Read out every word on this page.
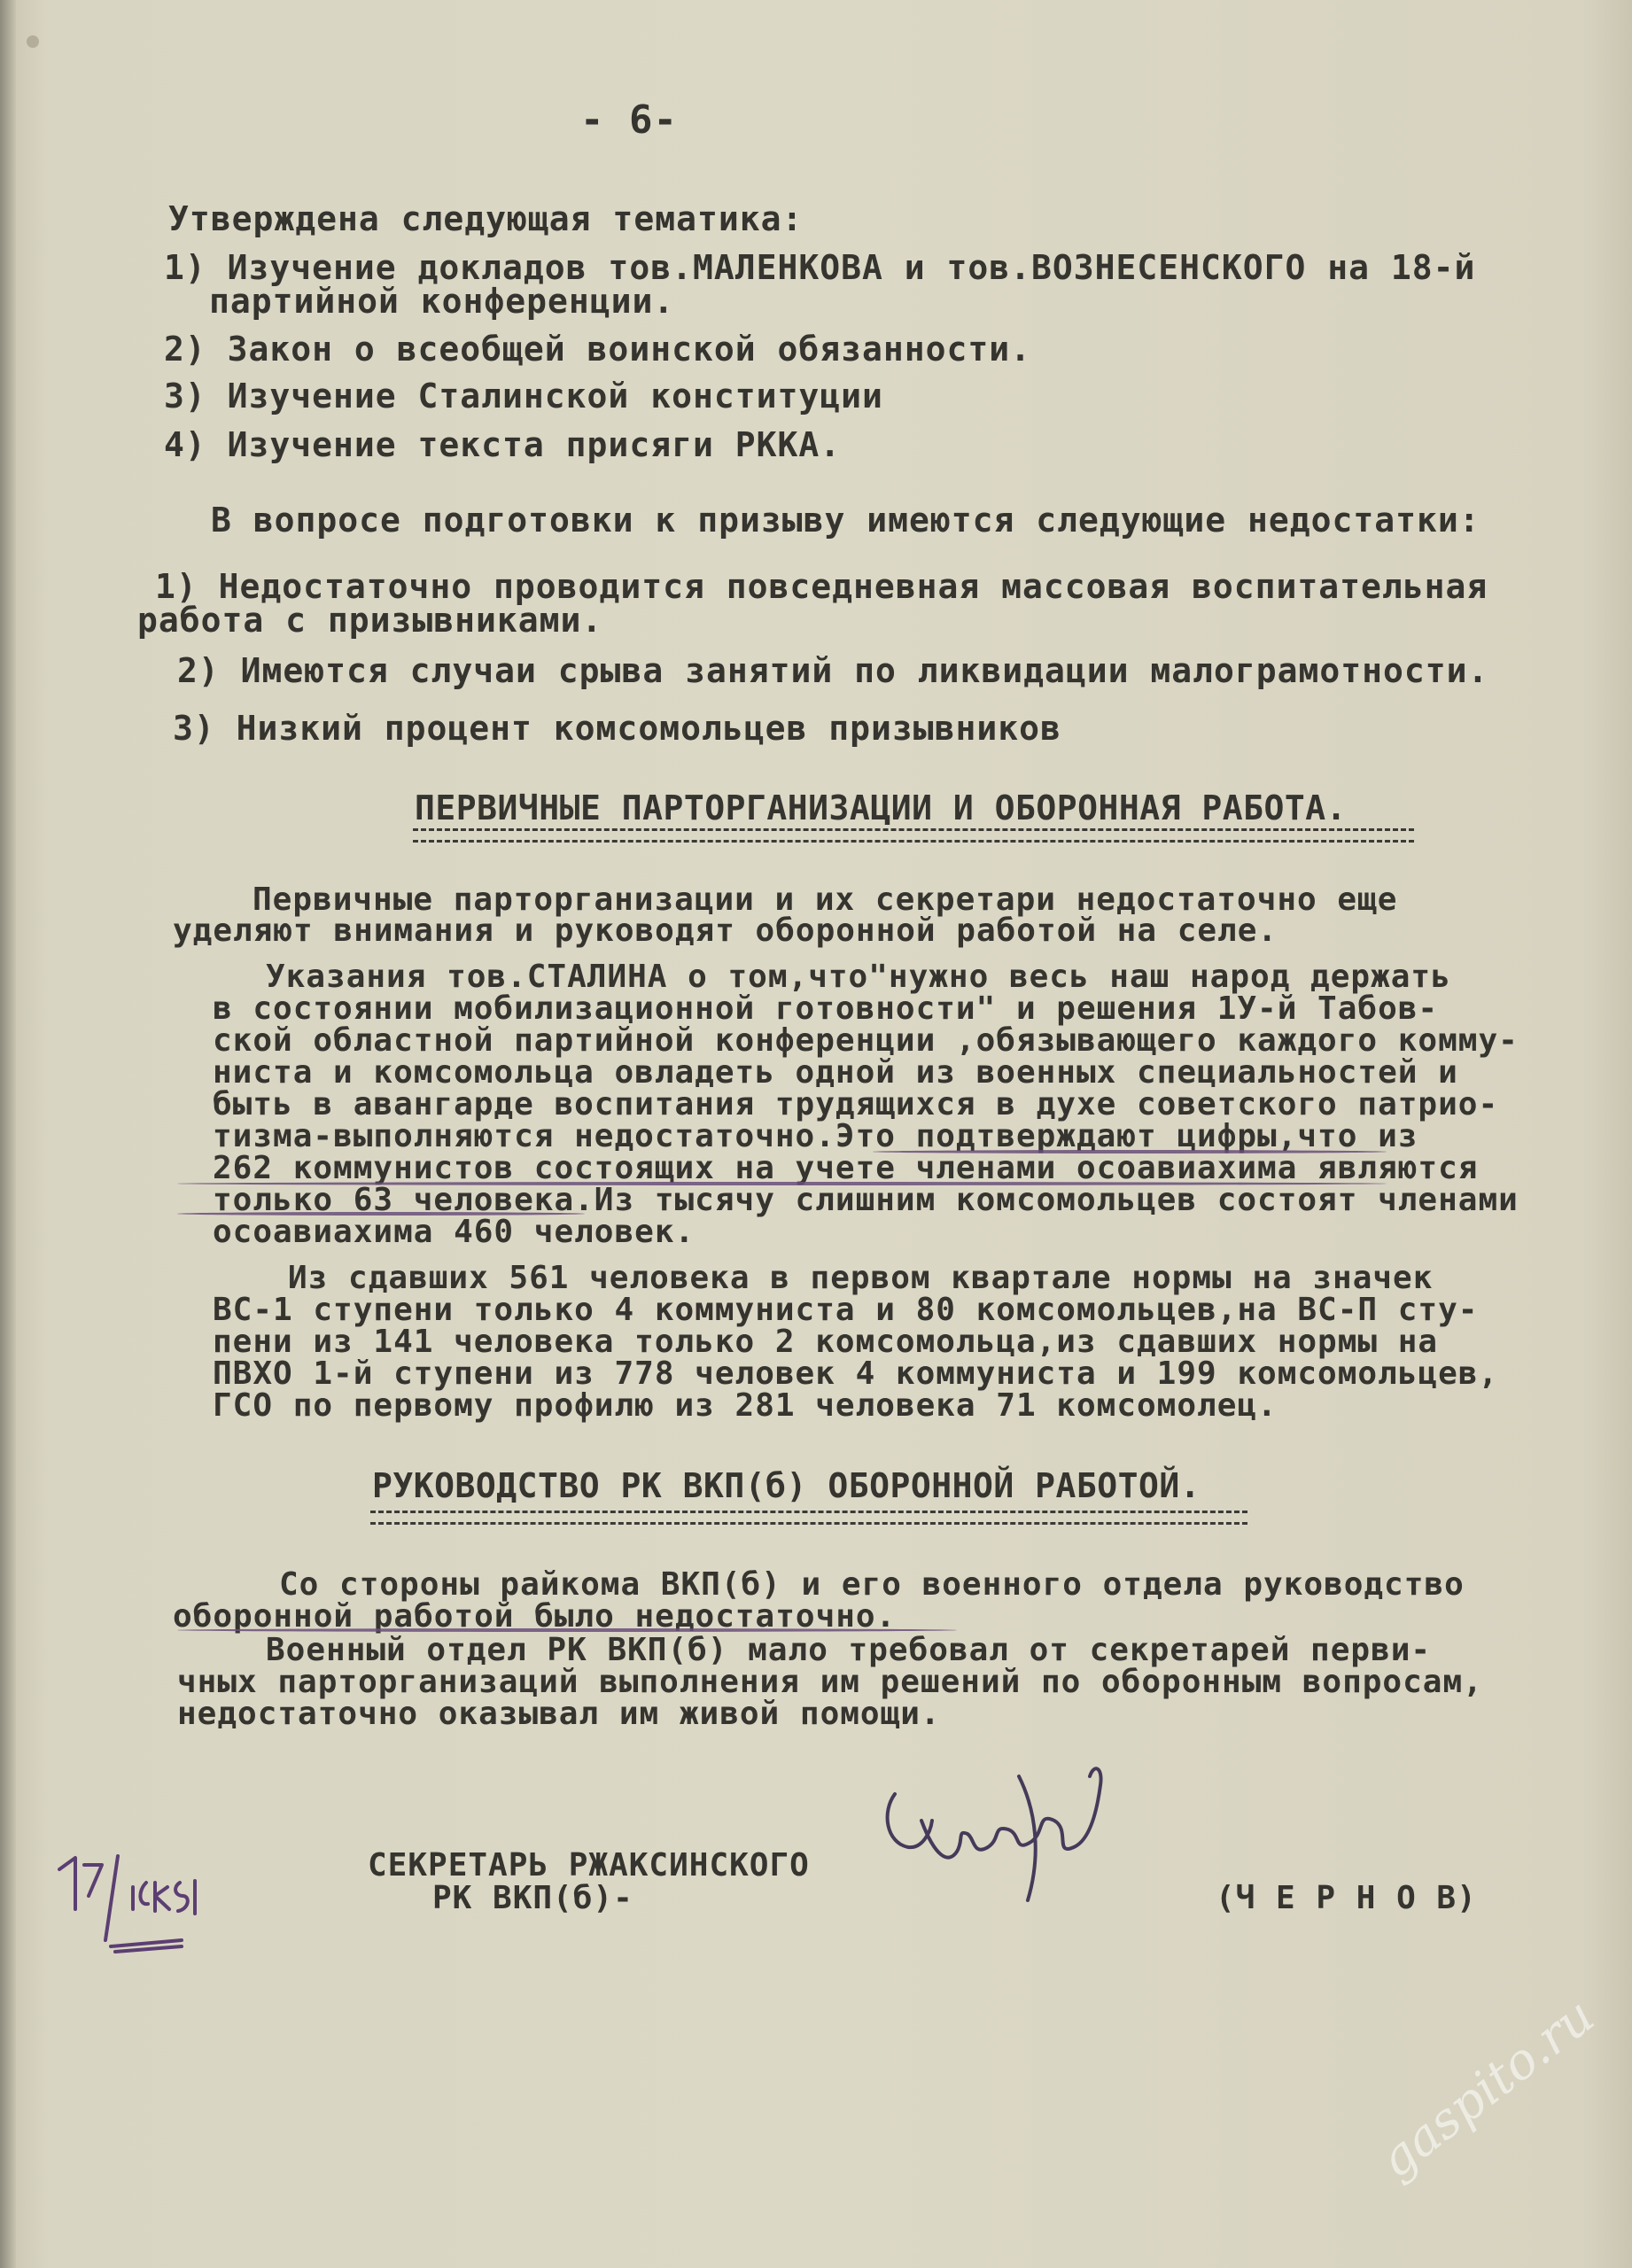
- 6-
Утверждена следующая тематика:
1) Изучение докладов тов.МАЛЕНКОВА и тов.ВОЗНЕСЕНСКОГО на 18-й
партийной конференции.
2) Закон о всеобщей воинской обязанности.
3) Изучение Сталинской конституции
4) Изучение текста присяги РККА.
В вопросе подготовки к призыву имеются следующие недостатки:
1) Недостаточно проводится повседневная массовая воспитательная
работа с призывниками.
2) Имеются случаи срыва занятий по ликвидации малограмотности.
3) Низкий процент комсомольцев призывников
ПЕРВИЧНЫЕ ПАРТОРГАНИЗАЦИИ И ОБОРОННАЯ РАБОТА.
Первичные парторганизации и их секретари недостаточно еще
уделяют внимания и руководят оборонной работой на селе.
Указания тов.СТАЛИНА о том,что"нужно весь наш народ держать
в состоянии мобилизационной готовности" и решения 1У-й Табов-
ской областной партийной конференции ,обязывающего каждого комму-
ниста и комсомольца овладеть одной из военных специальностей и
быть в авангарде воспитания трудящихся в духе советского патрио-
тизма-выполняются недостаточно.Это подтверждают цифры,что из
262 коммунистов состоящих на учете членами осоавиахима являются
только 63 человека.Из тысячу слишним комсомольцев состоят членами
осоавиахима 460 человек.
Из сдавших 561 человека в первом квартале нормы на значек
ВС-1 ступени только 4 коммуниста и 80 комсомольцев,на ВС-П сту-
пени из 141 человека только 2 комсомольца,из сдавших нормы на
ПВХО 1-й ступени из 778 человек 4 коммуниста и 199 комсомольцев,
ГСО по первому профилю из 281 человека 71 комсомолец.
РУКОВОДСТВО РК ВКП(б) ОБОРОННОЙ РАБОТОЙ.
Со стороны райкома ВКП(б) и его военного отдела руководство
оборонной работой было недостаточно.
Военный отдел РК ВКП(б) мало требовал от секретарей перви-
чных парторганизаций выполнения им решений по оборонным вопросам,
недостаточно оказывал им живой помощи.
СЕКРЕТАРЬ РЖАКСИНСКОГО
РК ВКП(б)-	(Ч Е Р Н О В)
gaspito.ru
